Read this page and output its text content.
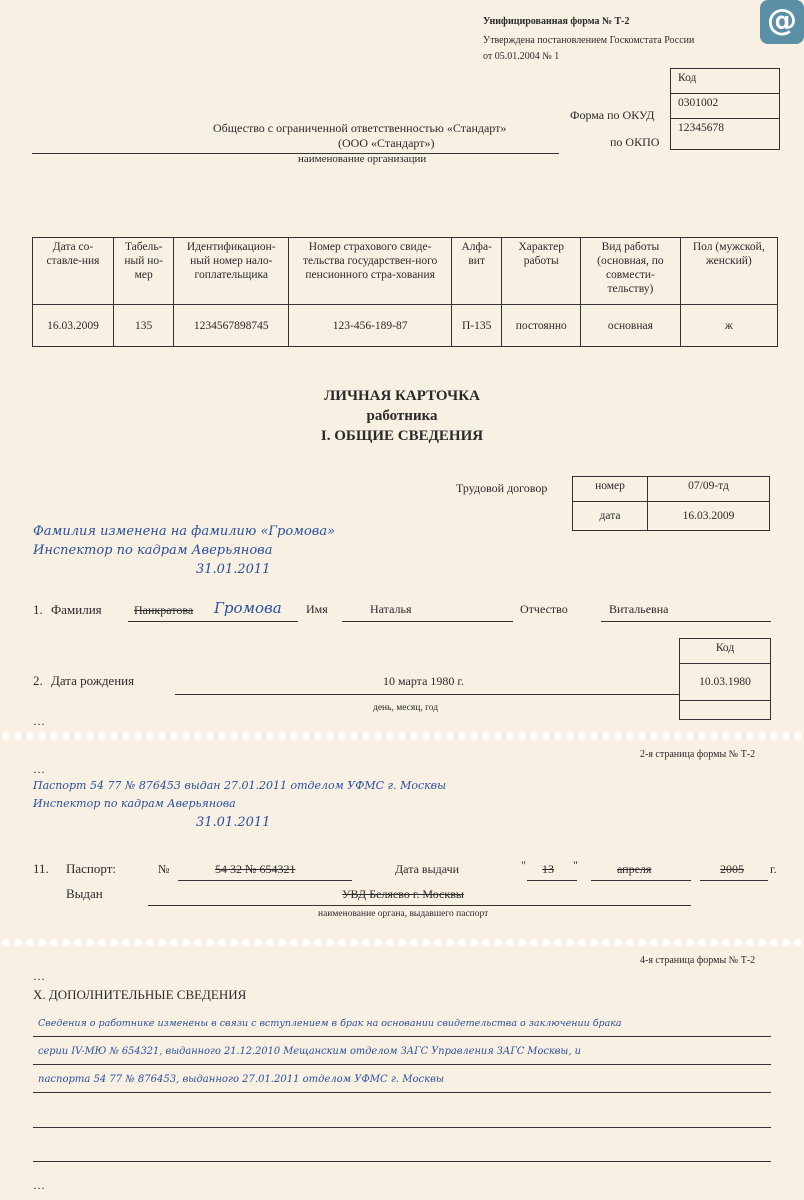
@
Унифицированная форма № Т-2
Утверждена постановлением Госкомстата России
от 05.01.2004 № 1
Общество с ограниченной ответственностью «Стандарт»
(ООО «Стандарт»)
наименование организации
Форма по ОКУД
по ОКПО
Код
0301002
12345678
Дата со-ставле-ния	Табель-ный но-мер	Идентификацион-ный номер нало-гоплательщика	Номер страхового свиде-тельства государствен-ного пенсионного стра-хования	Алфа-вит	Характер работы	Вид работы (основная, по совмести-тельству)	Пол (мужской, женский)
16.03.2009	135	1234567898745	123-456-189-87	П-135	постоянно	основная	ж
ЛИЧНАЯ КАРТОЧКА
работника
I. ОБЩИЕ СВЕДЕНИЯ
Трудовой договор	номер	07/09-тд
дата	16.03.2009
Фамилия изменена на фамилию «Громова»
Инспектор по кадрам Аверьянова
31.01.2011
1. Фамилия	Панкратова Громова Имя	Наталья	Отчество	Витальевна
Код
10.03.1980

2. Дата рождения	10 марта 1980 г.
день, месяц, год
…
2-я страница формы № Т-2
…
Паспорт 54 77 № 876453 выдан 27.01.2011 отделом УФМС г. Москвы
Инспектор по кадрам Аверьянова
31.01.2011
11. Паспорт:	№	54 32 № 654321	Дата выдачи	" 13 "	апреля	2005 г.
Выдан	УВД Беляево г. Москвы
наименование органа, выдавшего паспорт
4-я страница формы № Т-2
…
X. ДОПОЛНИТЕЛЬНЫЕ СВЕДЕНИЯ
Сведения о работнике изменены в связи с вступлением в брак на основании свидетельства о заключении брака
серии IV-МЮ № 654321, выданного 21.12.2010 Мещанским отделом ЗАГС Управления ЗАГС Москвы, и
паспорта 54 77 № 876453, выданного 27.01.2011 отделом УФМС г. Москвы
…
